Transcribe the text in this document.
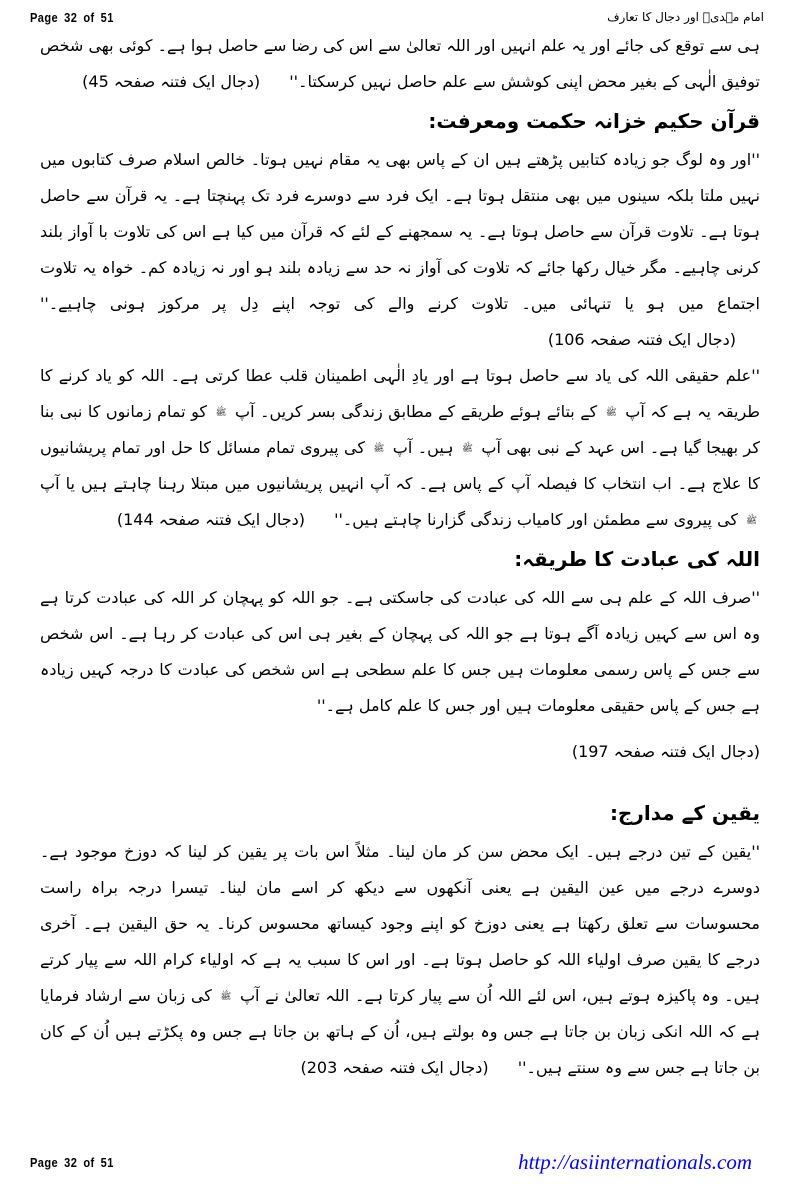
Page 32 of 51	امام مہدیؑ اور دجال کا تعارف

ہی سے توقع کی جائے اور یہ علم انہیں اور اللہ تعالیٰ سے اس کی رضا سے حاصل ہوا ہے۔ کوئی بھی شخص توفیق الٰہی کے بغیر محض اپنی کوشش سے علم حاصل نہیں کرسکتا۔'' (دجال ایک فتنہ صفحہ 45)

قرآن حکیم خزانہ حکمت ومعرفت:

''اور وہ لوگ جو زیادہ کتابیں پڑھتے ہیں ان کے پاس بھی یہ مقام نہیں ہوتا۔ خالص اسلام صرف کتابوں میں نہیں ملتا بلکہ سینوں میں بھی منتقل ہوتا ہے۔ ایک فرد سے دوسرے فرد تک پہنچتا ہے۔ یہ قرآن سے حاصل ہوتا ہے۔ تلاوت قرآن سے حاصل ہوتا ہے۔ یہ سمجھنے کے لئے کہ قرآن میں کیا ہے اس کی تلاوت با آواز بلند کرنی چاہیے۔ مگر خیال رکھا جائے کہ تلاوت کی آواز نہ حد سے زیادہ بلند ہو اور نہ زیادہ کم۔ خواہ یہ تلاوت اجتماع میں ہو یا تنہائی میں۔ تلاوت کرنے والے کی توجہ اپنے دِل پر مرکوز ہونی چاہیے۔'' (دجال ایک فتنہ صفحہ 106)

''علم حقیقی اللہ کی یاد سے حاصل ہوتا ہے اور یادِ الٰہی اطمینان قلب عطا کرتی ہے۔ اللہ کو یاد کرنے کا طریقہ یہ ہے کہ آپ ﷺ کے بتائے ہوئے طریقے کے مطابق زندگی بسر کریں۔ آپ ﷺ کو تمام زمانوں کا نبی بنا کر بھیجا گیا ہے۔ اس عہد کے نبی بھی آپ ﷺ ہیں۔ آپ ﷺ کی پیروی تمام مسائل کا حل اور تمام پریشانیوں کا علاج ہے۔ اب انتخاب کا فیصلہ آپ کے پاس ہے۔ کہ آپ انہیں پریشانیوں میں مبتلا رہنا چاہتے ہیں یا آپ ﷺ کی پیروی سے مطمئن اور کامیاب زندگی گزارنا چاہتے ہیں۔'' (دجال ایک فتنہ صفحہ 144)

اللہ کی عبادت کا طریقہ:

''صرف اللہ کے علم ہی سے اللہ کی عبادت کی جاسکتی ہے۔ جو اللہ کو پہچان کر اللہ کی عبادت کرتا ہے وہ اس سے کہیں زیادہ آگے ہوتا ہے جو اللہ کی پہچان کے بغیر ہی اس کی عبادت کر رہا ہے۔ اس شخص سے جس کے پاس رسمی معلومات ہیں جس کا علم سطحی ہے اس شخص کی عبادت کا درجہ کہیں زیادہ ہے جس کے پاس حقیقی معلومات ہیں اور جس کا علم کامل ہے۔''

(دجال ایک فتنہ صفحہ 197)

یقین کے مدارج:

''یقین کے تین درجے ہیں۔ ایک محض سن کر مان لینا۔ مثلاً اس بات پر یقین کر لینا کہ دوزخ موجود ہے۔ دوسرے درجے میں عین الیقین ہے یعنی آنکھوں سے دیکھ کر اسے مان لینا۔ تیسرا درجہ براہ راست محسوسات سے تعلق رکھتا ہے یعنی دوزخ کو اپنے وجود کیساتھ محسوس کرنا۔ یہ حق الیقین ہے۔ آخری درجے کا یقین صرف اولیاء اللہ کو حاصل ہوتا ہے۔ اور اس کا سبب یہ ہے کہ اولیاء کرام اللہ سے پیار کرتے ہیں۔ وہ پاکیزہ ہوتے ہیں، اس لئے اللہ اُن سے پیار کرتا ہے۔ اللہ تعالیٰ نے آپ ﷺ کی زبان سے ارشاد فرمایا ہے کہ اللہ انکی زبان بن جاتا ہے جس وہ بولتے ہیں، اُن کے ہاتھ بن جاتا ہے جس وہ پکڑتے ہیں اُن کے کان بن جاتا ہے جس سے وہ سنتے ہیں۔'' (دجال ایک فتنہ صفحہ 203)

Page 32 of 51	http://asiinternationals.com
